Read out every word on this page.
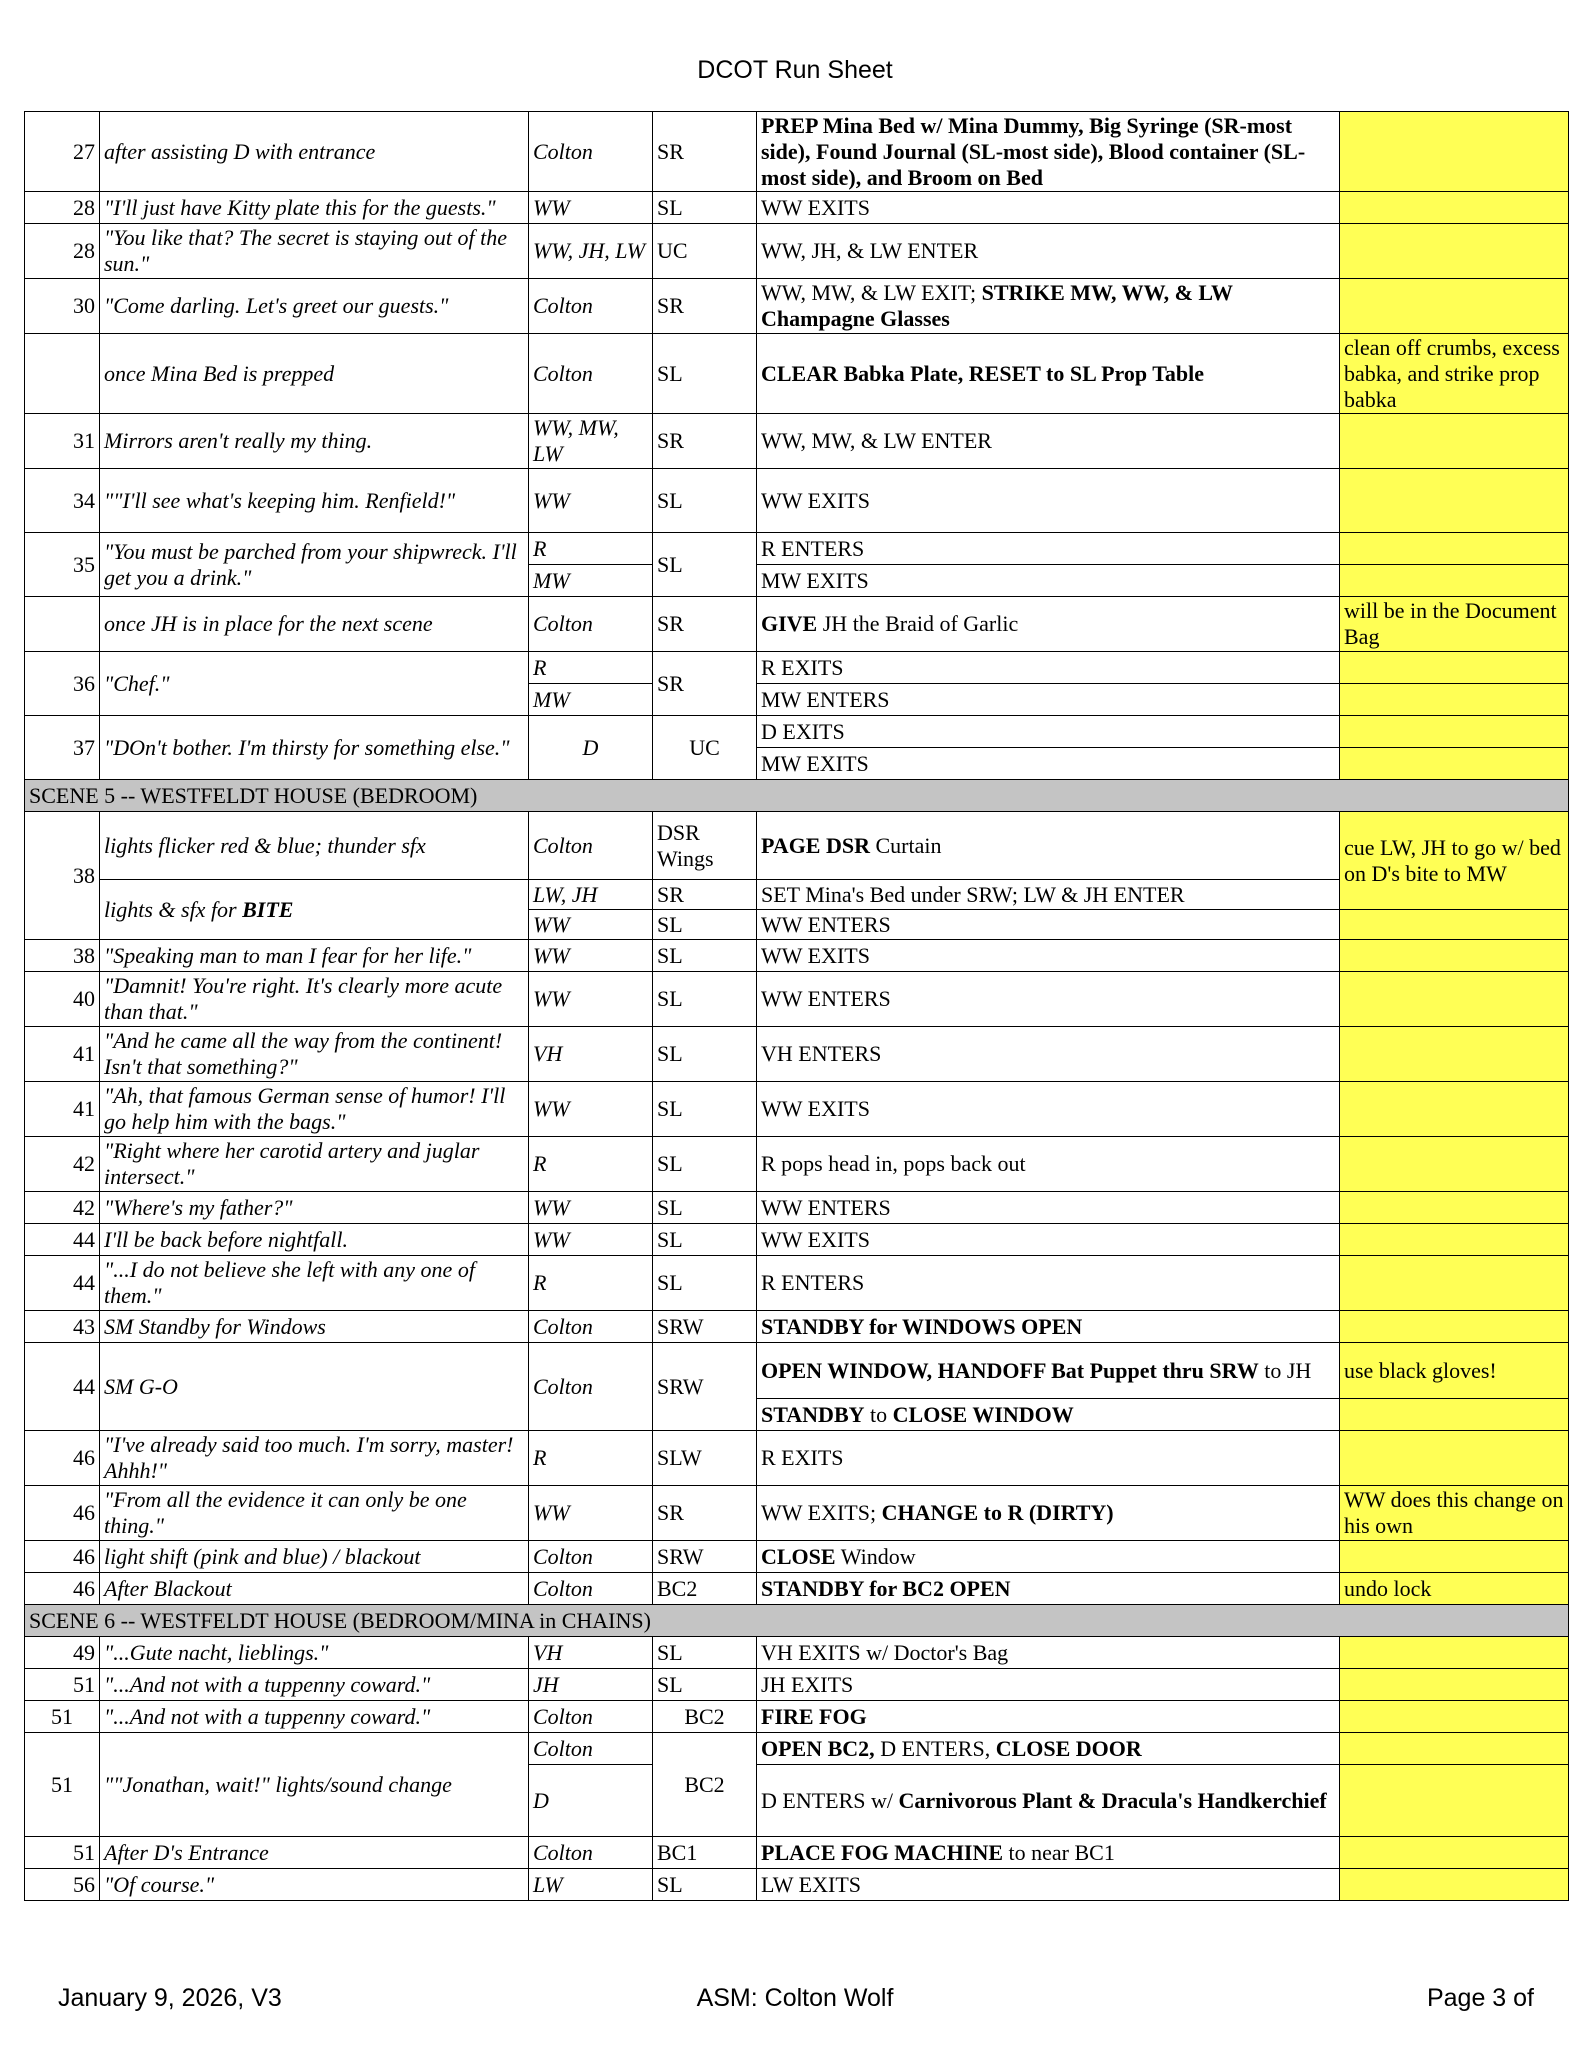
DCOT Run Sheet
27	after assisting D with entrance	Colton	SR	PREP Mina Bed w/ Mina Dummy, Big Syringe (SR-most side), Found Journal (SL-most side), Blood container (SL-most side), and Broom on Bed	
28	"I'll just have Kitty plate this for the guests."	WW	SL	WW EXITS	
28	"You like that? The secret is staying out of the sun."	WW, JH, LW	UC	WW, JH, & LW ENTER	
30	"Come darling. Let's greet our guests."	Colton	SR	WW, MW, & LW EXIT; STRIKE MW, WW, & LW Champagne Glasses	
	once Mina Bed is prepped	Colton	SL	CLEAR Babka Plate, RESET to SL Prop Table	clean off crumbs, excess babka, and strike prop babka
31	Mirrors aren't really my thing.	WW, MW, LW	SR	WW, MW, & LW ENTER	
34	""I'll see what's keeping him. Renfield!"	WW	SL	WW EXITS	
35	"You must be parched from your shipwreck. I'll get you a drink."	R	SL	R ENTERS	
		MW		MW EXITS	
	once JH is in place for the next scene	Colton	SR	GIVE JH the Braid of Garlic	will be in the Document Bag
36	"Chef."	R	SR	R EXITS	
		MW		MW ENTERS	
37	"DOn't bother. I'm thirsty for something else."	D	UC	D EXITS	
				MW EXITS	
SCENE 5 -- WESTFELDT HOUSE (BEDROOM)					
38	lights flicker red & blue; thunder sfx	Colton	DSR Wings	PAGE DSR Curtain	cue LW, JH to go w/ bed on D's bite to MW
	lights & sfx for BITE	LW, JH	SR	SET Mina's Bed under SRW; LW & JH ENTER	
		WW	SL	WW ENTERS	
38	"Speaking man to man I fear for her life."	WW	SL	WW EXITS	
40	"Damnit! You're right. It's clearly more acute than that."	WW	SL	WW ENTERS	
41	"And he came all the way from the continent! Isn't that something?"	VH	SL	VH ENTERS	
41	"Ah, that famous German sense of humor! I'll go help him with the bags."	WW	SL	WW EXITS	
42	"Right where her carotid artery and juglar intersect."	R	SL	R pops head in, pops back out	
42	"Where's my father?"	WW	SL	WW ENTERS	
44	I'll be back before nightfall.	WW	SL	WW EXITS	
44	"...I do not believe she left with any one of them."	R	SL	R ENTERS	
43	SM Standby for Windows	Colton	SRW	STANDBY for WINDOWS OPEN	
44	SM G-O	Colton	SRW	OPEN WINDOW, HANDOFF Bat Puppet thru SRW to JH	use black gloves!
				STANDBY to CLOSE WINDOW	
46	"I've already said too much. I'm sorry, master! Ahhh!"	R	SLW	R EXITS	
46	"From all the evidence it can only be one thing."	WW	SR	WW EXITS; CHANGE to R (DIRTY)	WW does this change on his own
46	light shift (pink and blue) / blackout	Colton	SRW	CLOSE Window	
46	After Blackout	Colton	BC2	STANDBY for BC2 OPEN	undo lock
SCENE 6 -- WESTFELDT HOUSE (BEDROOM/MINA in CHAINS)					
49	"...Gute nacht, lieblings."	VH	SL	VH EXITS w/ Doctor's Bag	
51	"...And not with a tuppenny coward."	JH	SL	JH EXITS	
51	"...And not with a tuppenny coward."	Colton	BC2	FIRE FOG	
51	""Jonathan, wait!" lights/sound change	Colton	BC2	OPEN BC2, D ENTERS, CLOSE DOOR	
		D		D ENTERS w/ Carnivorous Plant & Dracula's Handkerchief	
51	After D's Entrance	Colton	BC1	PLACE FOG MACHINE to near BC1	
56	"Of course."	LW	SL	LW EXITS	
January 9, 2026, V3	ASM: Colton Wolf	Page 3 of
